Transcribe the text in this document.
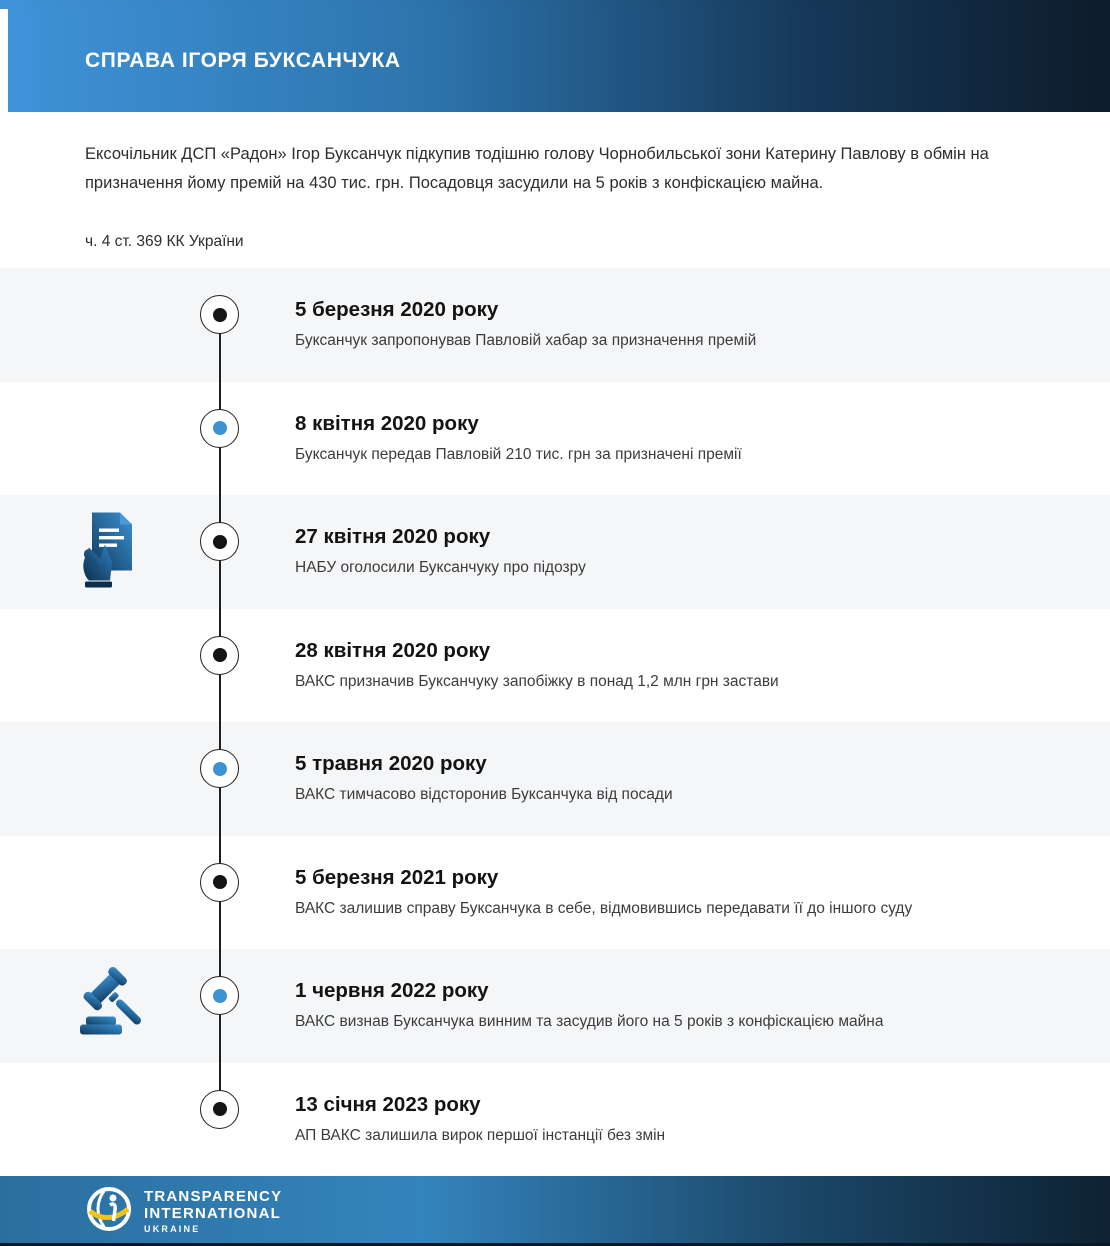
СПРАВА ІГОРЯ БУКСАНЧУКА

Ексочільник ДСП «Радон» Ігор Буксанчук підкупив тодішню голову Чорнобильської зони Катерину Павлову в обмін на призначення йому премій на 430 тис. грн. Посадовця засудили на 5 років з конфіскацією майна.

ч. 4 ст. 369 КК України

5 березня 2020 року

Буксанчук запропонував Павловій хабар за призначення премій

8 квітня 2020 року

Буксанчук передав Павловій 210 тис. грн за призначені премії

27 квітня 2020 року

НАБУ оголосили Буксанчуку про підозру

28 квітня 2020 року

ВАКС призначив Буксанчуку запобіжку в понад 1,2 млн грн застави

5 травня 2020 року

ВАКС тимчасово відсторонив Буксанчука від посади

5 березня 2021 року

ВАКС залишив справу Буксанчука в себе, відмовившись передавати її до іншого суду

1 червня 2022 року

ВАКС визнав Буксанчука винним та засудив його на 5 років з конфіскацією майна

13 січня 2023 року

АП ВАКС залишила вирок першої інстанції без змін

TRANSPARENCY
INTERNATIONAL
UKRAINE
